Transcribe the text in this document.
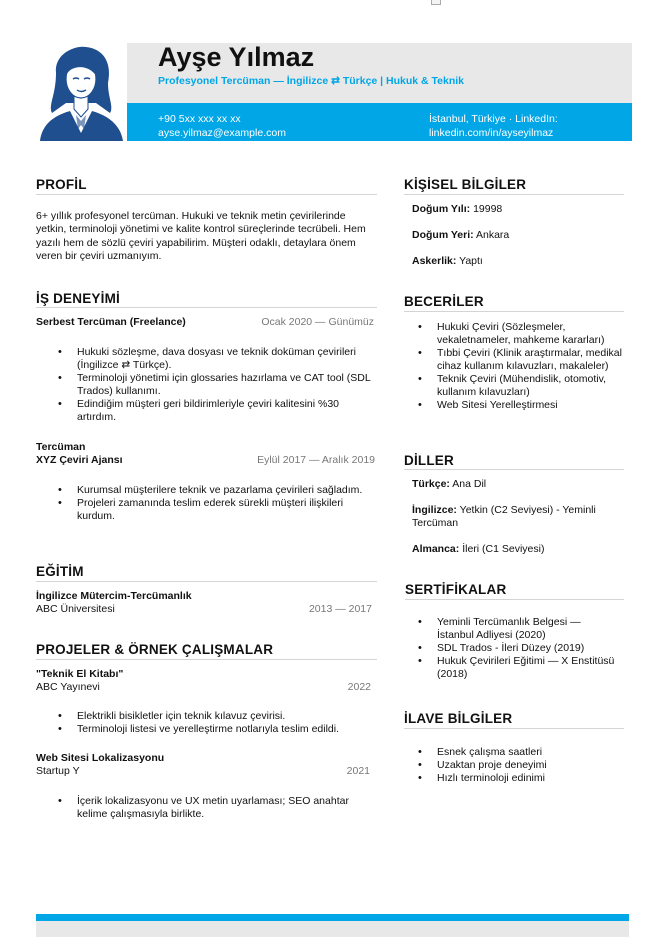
Ayşe Yılmaz
Profesyonel Tercüman — İngilizce ⇄ Türkçe | Hukuk & Teknik
+90 5xx xxx xx xx
ayse.yilmaz@example.com
İstanbul, Türkiye · LinkedIn:
linkedin.com/in/ayseyilmaz
PROFİL
6+ yıllık profesyonel tercüman. Hukuki ve teknik metin çevirilerinde yetkin, terminoloji yönetimi ve kalite kontrol süreçlerinde tecrübeli. Hem yazılı hem de sözlü çeviri yapabilirim. Müşteri odaklı, detaylara önem veren bir çeviri uzmanıyım.
İŞ DENEYİMİ
Serbest Tercüman (Freelance)	Ocak 2020 — Günümüz
• Hukuki sözleşme, dava dosyası ve teknik doküman çevirileri (İngilizce ⇄ Türkçe).
• Terminoloji yönetimi için glossaries hazırlama ve CAT tool (SDL Trados) kullanımı.
• Edindiğim müşteri geri bildirimleriyle çeviri kalitesini %30 artırdım.
Tercüman
XYZ Çeviri Ajansı	Eylül 2017 — Aralık 2019
• Kurumsal müşterilere teknik ve pazarlama çevirileri sağladım.
• Projeleri zamanında teslim ederek sürekli müşteri ilişkileri kurdum.
EĞİTİM
İngilizce Mütercim-Tercümanlık
ABC Üniversitesi	2013 — 2017
PROJELER & ÖRNEK ÇALIŞMALAR
"Teknik El Kitabı"
ABC Yayınevi	2022
• Elektrikli bisikletler için teknik kılavuz çevirisi.
• Terminoloji listesi ve yerelleştirme notlarıyla teslim edildi.
Web Sitesi Lokalizasyonu
Startup Y	2021
• İçerik lokalizasyonu ve UX metin uyarlaması; SEO anahtar kelime çalışmasıyla birlikte.
KİŞİSEL BİLGİLER
Doğum Yılı: 19998
Doğum Yeri: Ankara
Askerlik: Yaptı
BECERİLER
• Hukuki Çeviri (Sözleşmeler, vekaletnameler, mahkeme kararları)
• Tıbbi Çeviri (Klinik araştırmalar, medikal cihaz kullanım kılavuzları, makaleler)
• Teknik Çeviri (Mühendislik, otomotiv, kullanım kılavuzları)
• Web Sitesi Yerelleştirmesi
DİLLER
Türkçe: Ana Dil
İngilizce: Yetkin (C2 Seviyesi) - Yeminli Tercüman
Almanca: İleri (C1 Seviyesi)
SERTİFİKALAR
• Yeminli Tercümanlık Belgesi — İstanbul Adliyesi (2020)
• SDL Trados - İleri Düzey (2019)
• Hukuk Çevirileri Eğitimi — X Enstitüsü (2018)
İLAVE BİLGİLER
• Esnek çalışma saatleri
• Uzaktan proje deneyimi
• Hızlı terminoloji edinimi
